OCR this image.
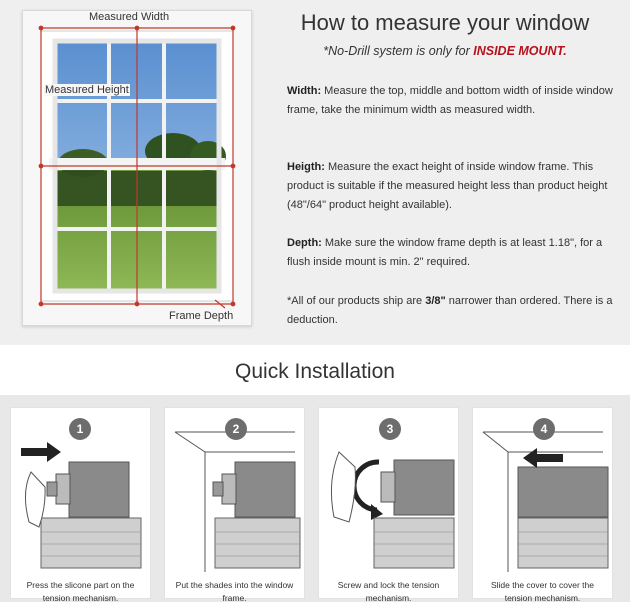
Measured Width
Measured Height
Frame Depth
How to measure your window
*No-Drill system is only for INSIDE MOUNT.
Width: Measure the top, middle and bottom width of inside window frame, take the minimum width as measured width.
Heigth: Measure the exact height of inside window frame. This product is suitable if the measured height less than product height (48"/64" product height available).
Depth: Make sure the window frame depth is at least 1.18", for a flush inside mount is min. 2" required.
*All of our products ship are 3/8" narrower than ordered. There is a deduction.
Quick Installation
1
Press the slicone part on the tension mechanism.
2
Put the shades into the window frame.
3
Screw and lock the tension mechanism.
4
Slide the cover to cover the tension mechanism.
